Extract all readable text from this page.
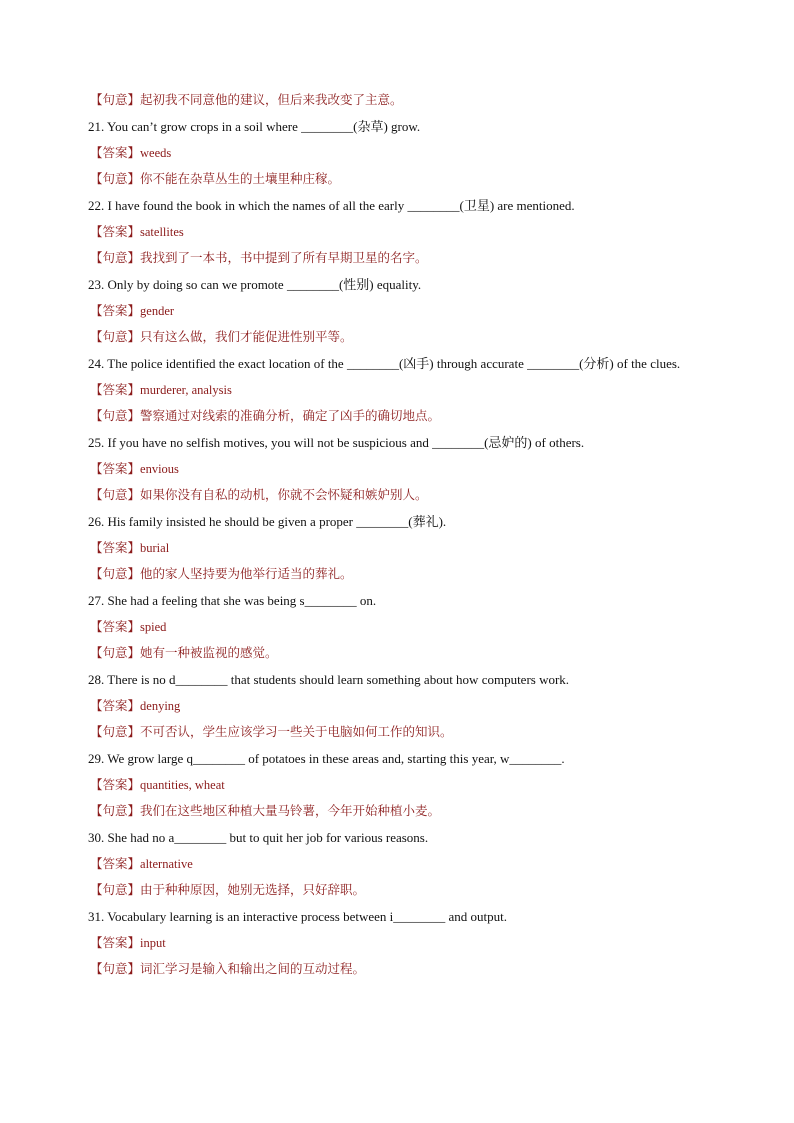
【句意】起初我不同意他的建议，但后来我改变了主意。
21. You can’t grow crops in a soil where ________(杂草) grow.
【答案】weeds
【句意】你不能在杂草丛生的土壤里种庄稼。
22. I have found the book in which the names of all the early ________(卫星) are mentioned.
【答案】satellites
【句意】我找到了一本书，书中提到了所有早期卫星的名字。
23. Only by doing so can we promote ________(性别) equality.
【答案】gender
【句意】只有这么做，我们才能促进性别平等。
24. The police identified the exact location of the ________(凶手) through accurate ________(分析) of the clues.
【答案】murderer, analysis
【句意】警察通过对线索的准确分析，确定了凶手的确切地点。
25. If you have no selfish motives, you will not be suspicious and ________(忌妒的) of others.
【答案】envious
【句意】如果你没有自私的动机，你就不会怀疑和嫉妒别人。
26. His family insisted he should be given a proper ________(葬礼).
【答案】burial
【句意】他的家人坚持要为他举行适当的葬礼。
27. She had a feeling that she was being s________ on.
【答案】spied
【句意】她有一种被监视的感觉。
28. There is no d________ that students should learn something about how computers work.
【答案】denying
【句意】不可否认，学生应该学习一些关于电脑如何工作的知识。
29. We grow large q________ of potatoes in these areas and, starting this year, w________.
【答案】quantities, wheat
【句意】我们在这些地区种植大量马铃薯，今年开始种植小麦。
30. She had no a________ but to quit her job for various reasons.
【答案】alternative
【句意】由于种种原因，她别无选择，只好辞职。
31. Vocabulary learning is an interactive process between i________ and output.
【答案】input
【句意】词汇学习是输入和输出之间的互动过程。
